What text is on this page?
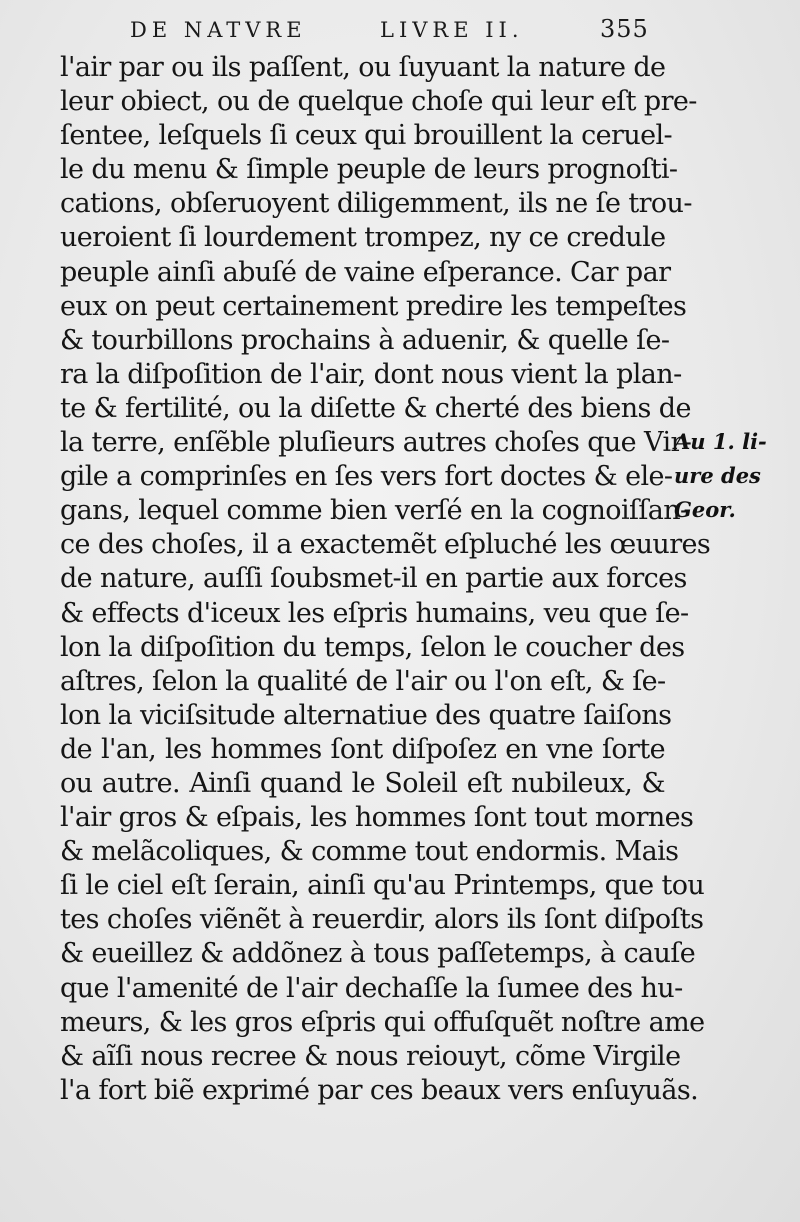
DE NATVRE	LIVRE II.	355
l'air par ou ils paſſent, ou ſuyuant la nature de
leur obiect, ou de quelque choſe qui leur eſt pre-
ſentee, leſquels ſi ceux qui brouillent la ceruel-
le du menu & ſimple peuple de leurs prognoſti-
cations, obſeruoyent diligemment, ils ne ſe trou-
ueroient ſi lourdement trompez, ny ce credule
peuple ainſi abuſé de vaine eſperance. Car par
eux on peut certainement predire les tempeſtes
& tourbillons prochains à aduenir, & quelle ſe-
ra la diſpoſition de l'air, dont nous vient la plan-
te & fertilité, ou la diſette & cherté des biens de
la terre, enſẽble pluſieurs autres choſes que Vir-
gile a comprinſes en ſes vers fort doctes & ele-
gans, lequel comme bien verſé en la cognoiſſan-
ce des choſes, il a exactemẽt eſpluché les œuures
de nature, auſſi ſoubsmet-il en partie aux forces
& effects d'iceux les eſpris humains, veu que ſe-
lon la diſpoſition du temps, ſelon le coucher des
aſtres, ſelon la qualité de l'air ou l'on eſt, & ſe-
lon la viciſsitude alternatiue des quatre ſaiſons
de l'an, les hommes ſont diſpoſez en vne ſorte
ou autre. Ainſi quand le Soleil eſt nubileux, &
l'air gros & eſpais, les hommes ſont tout mornes
& melãcoliques, & comme tout endormis. Mais
ſi le ciel eſt ſerain, ainſi qu'au Printemps, que tou
tes choſes viẽnẽt à reuerdir, alors ils ſont diſpoſts
& eueillez & addõnez à tous paſſetemps, à cauſe
que l'amenité de l'air dechaſſe la ſumee des hu-
meurs, & les gros eſpris qui offuſquẽt noſtre ame
& aĩſi nous recree & nous reiouyt, cõme Virgile
l'a fort biẽ exprimé par ces beaux vers enſuyuãs.
Au 1. li-
ure des
Geor.
